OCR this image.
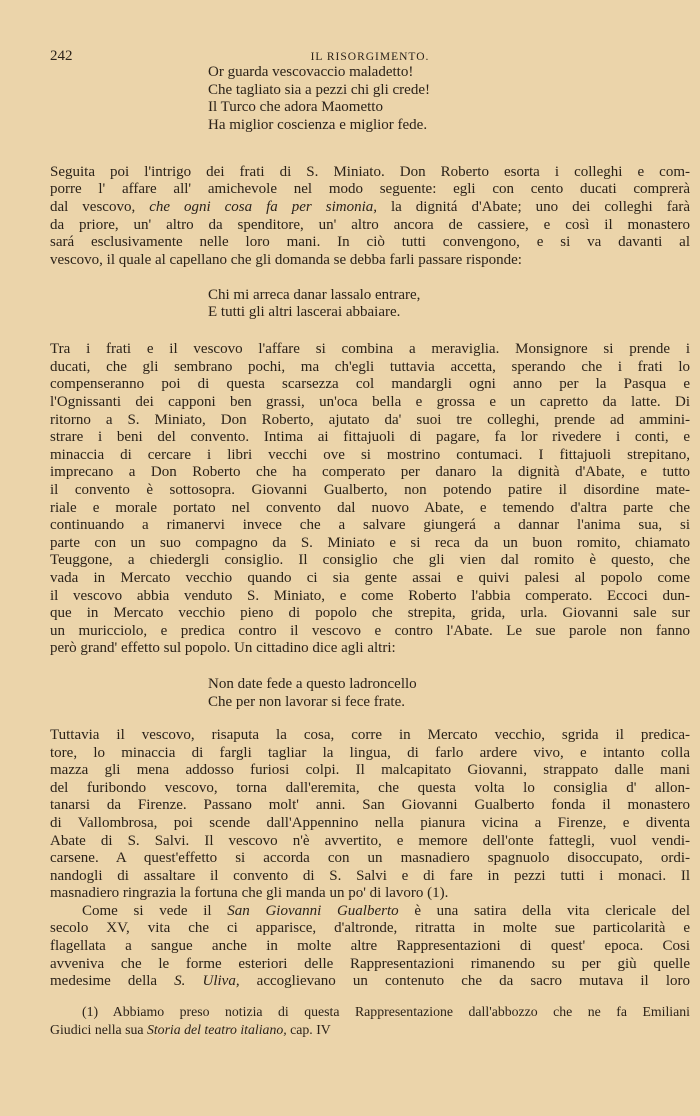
242	IL RISORGIMENTO.
Or guarda vescovaccio maladetto!
Che tagliato sia a pezzi chi gli crede!
Il Turco che adora Maometto
Ha miglior coscienza e miglior fede.
Seguita poi l'intrigo dei frati di S. Miniato. Don Roberto esorta i colleghi e com-
porre l' affare all' amichevole nel modo seguente: egli con cento ducati comprerà
dal vescovo, che ogni cosa fa per simonia, la dignitá d'Abate; uno dei colleghi farà
da priore, un' altro da spenditore, un' altro ancora de cassiere, e così il monastero
sará esclusivamente nelle loro mani. In ciò tutti convengono, e si va davanti al
vescovo, il quale al capellano che gli domanda se debba farli passare risponde:
Chi mi arreca danar lassalo entrare,
E tutti gli altri lascerai abbaiare.
Tra i frati e il vescovo l'affare si combina a meraviglia. Monsignore si prende i
ducati, che gli sembrano pochi, ma ch'egli tuttavia accetta, sperando che i frati lo
compenseranno poi di questa scarsezza col mandargli ogni anno per la Pasqua e
l'Ognissanti dei capponi ben grassi, un'oca bella e grossa e un capretto da latte. Di
ritorno a S. Miniato, Don Roberto, ajutato da' suoi tre colleghi, prende ad ammini-
strare i beni del convento. Intima ai fittajuoli di pagare, fa lor rivedere i conti, e
minaccia di cercare i libri vecchi ove si mostrino contumaci. I fittajuoli strepitano,
imprecano a Don Roberto che ha comperato per danaro la dignità d'Abate, e tutto
il convento è sottosopra. Giovanni Gualberto, non potendo patire il disordine mate-
riale e morale portato nel convento dal nuovo Abate, e temendo d'altra parte che
continuando a rimanervi invece che a salvare giungerá a dannar l'anima sua, si
parte con un suo compagno da S. Miniato e si reca da un buon romito, chiamato
Teuggone, a chiedergli consiglio. Il consiglio che gli vien dal romito è questo, che
vada in Mercato vecchio quando ci sia gente assai e quivi palesi al popolo come
il vescovo abbia venduto S. Miniato, e come Roberto l'abbia comperato. Eccoci dun-
que in Mercato vecchio pieno di popolo che strepita, grida, urla. Giovanni sale sur
un muricciolo, e predica contro il vescovo e contro l'Abate. Le sue parole non fanno
però grand' effetto sul popolo. Un cittadino dice agli altri:
Non date fede a questo ladroncello
Che per non lavorar si fece frate.
Tuttavia il vescovo, risaputa la cosa, corre in Mercato vecchio, sgrida il predica-
tore, lo minaccia di fargli tagliar la lingua, di farlo ardere vivo, e intanto colla
mazza gli mena addosso furiosi colpi. Il malcapitato Giovanni, strappato dalle mani
del furibondo vescovo, torna dall'eremita, che questa volta lo consiglia d' allon-
tanarsi da Firenze. Passano molt' anni. San Giovanni Gualberto fonda il monastero
di Vallombrosa, poi scende dall'Appennino nella pianura vicina a Firenze, e diventa
Abate di S. Salvi. Il vescovo n'è avvertito, e memore dell'onte fattegli, vuol vendi-
carsene. A quest'effetto si accorda con un masnadiero spagnuolo disoccupato, ordi-
nandogli di assaltare il convento di S. Salvi e di fare in pezzi tutti i monaci. Il
masnadiero ringrazia la fortuna che gli manda un po' di lavoro (1).
Come si vede il San Giovanni Gualberto è una satira della vita clericale del
secolo XV, vita che ci apparisce, d'altronde, ritratta in molte sue particolarità e
flagellata a sangue anche in molte altre Rappresentazioni di quest' epoca. Cosi
avveniva che le forme esteriori delle Rappresentazioni rimanendo su per giù quelle
medesime della S. Uliva, accoglievano un contenuto che da sacro mutava il loro
(1) Abbiamo preso notizia di questa Rappresentazione dall'abbozzo che ne fa Emiliani
Giudici nella sua Storia del teatro italiano, cap. IV
